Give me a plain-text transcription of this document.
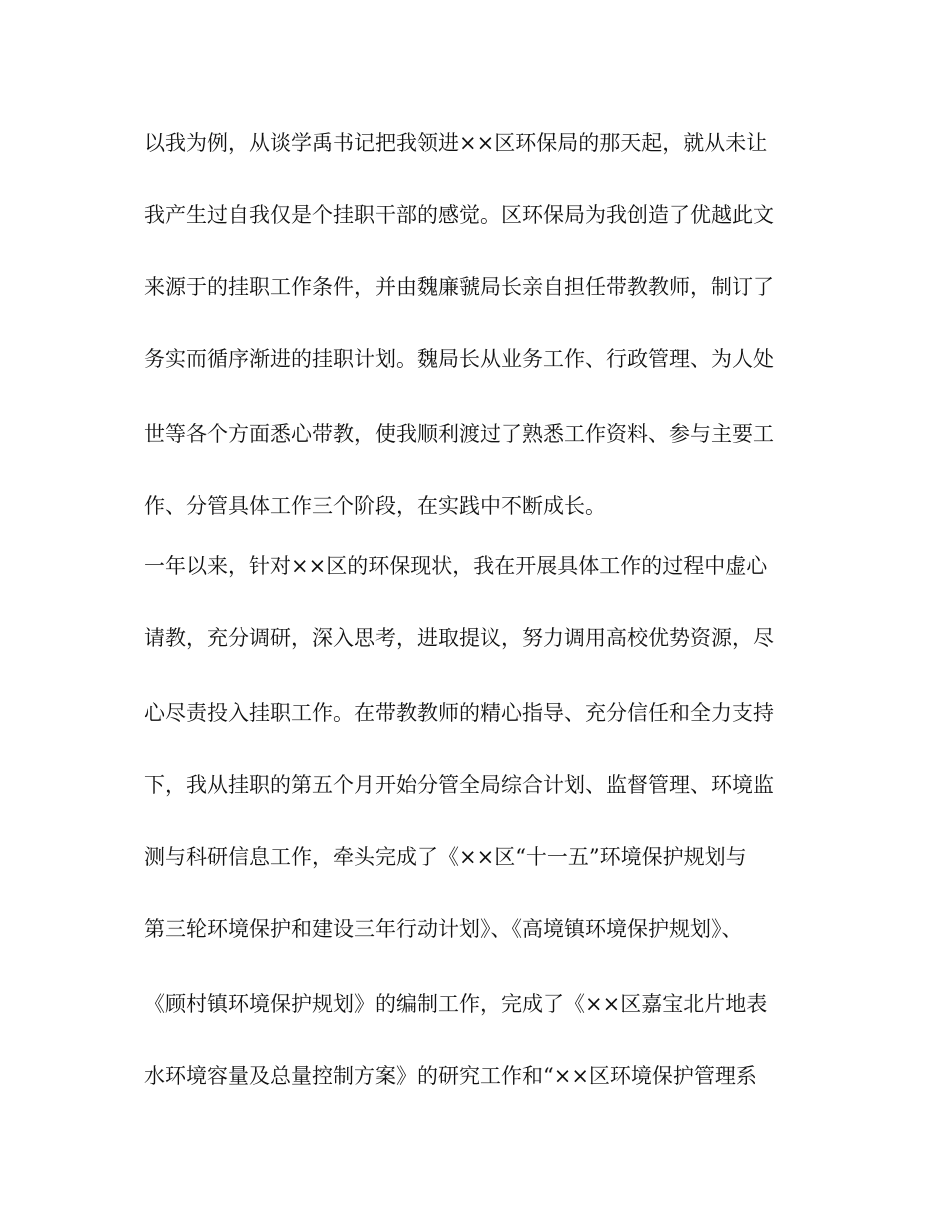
以我为例，从谈学禹书记把我领进××区环保局的那天起，就从未让
我产生过自我仅是个挂职干部的感觉。区环保局为我创造了优越此文
来源于的挂职工作条件，并由魏廉虢局长亲自担任带教教师，制订了
务实而循序渐进的挂职计划。魏局长从业务工作、行政管理、为人处
世等各个方面悉心带教，使我顺利渡过了熟悉工作资料、参与主要工
作、分管具体工作三个阶段，在实践中不断成长。
一年以来，针对××区的环保现状，我在开展具体工作的过程中虚心
请教，充分调研，深入思考，进取提议，努力调用高校优势资源，尽
心尽责投入挂职工作。在带教教师的精心指导、充分信任和全力支持
下，我从挂职的第五个月开始分管全局综合计划、监督管理、环境监
测与科研信息工作，牵头完成了《××区“十一五”环境保护规划与
第三轮环境保护和建设三年行动计划》、《高境镇环境保护规划》、
《顾村镇环境保护规划》的编制工作，完成了《××区嘉宝北片地表
水环境容量及总量控制方案》的研究工作和“××区环境保护管理系
